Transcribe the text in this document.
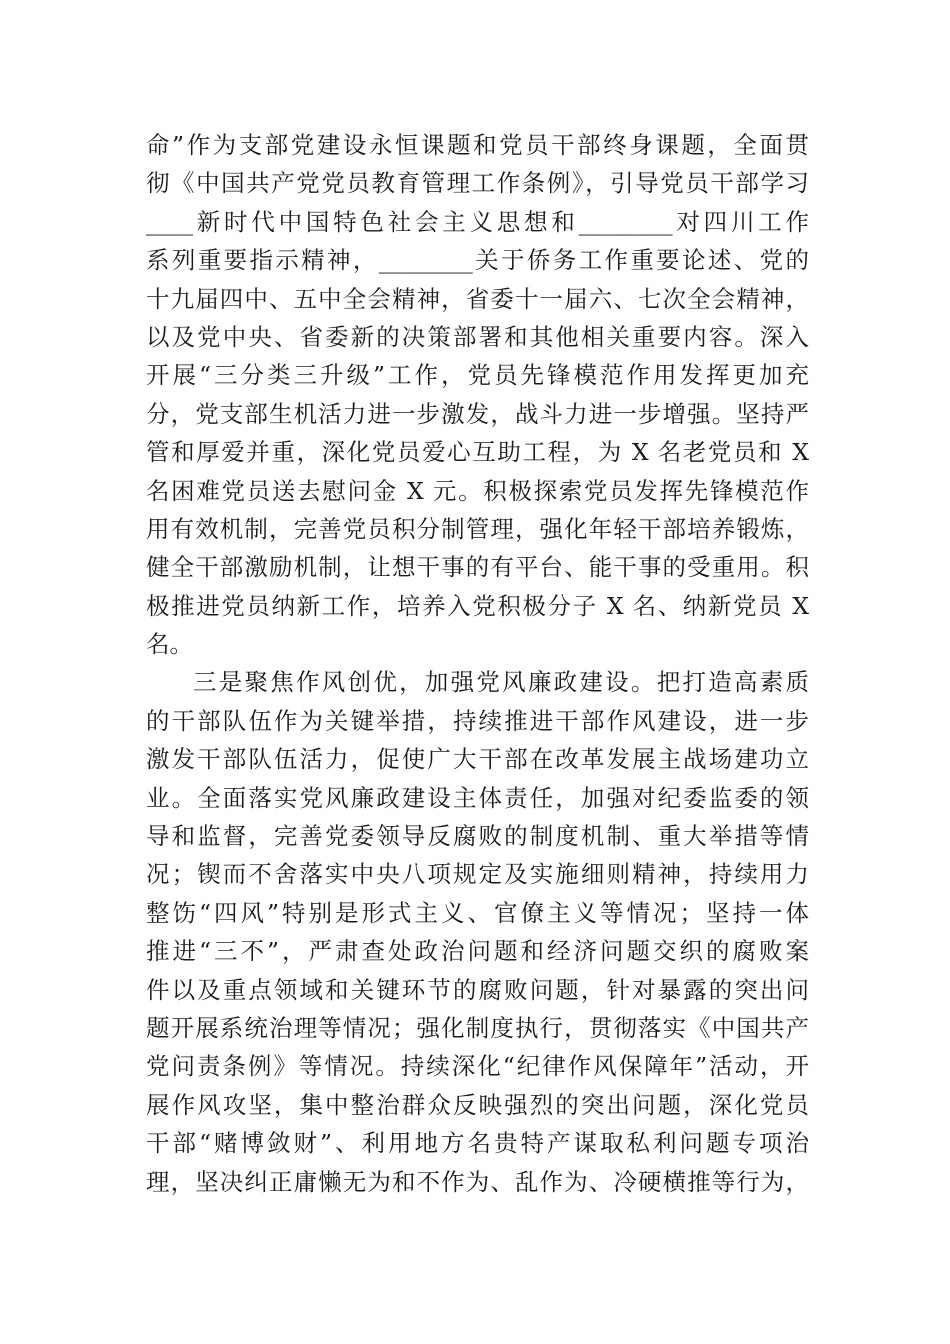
命”作为支部党建设永恒课题和党员干部终身课题，全面贯
彻《中国共产党党员教育管理工作条例》，引导党员干部学习
____新时代中国特色社会主义思想和________对四川工作
系列重要指示精神，________关于侨务工作重要论述、党的
十九届四中、五中全会精神，省委十一届六、七次全会精神，
以及党中央、省委新的决策部署和其他相关重要内容。深入
开展“三分类三升级”工作，党员先锋模范作用发挥更加充
分，党支部生机活力进一步激发，战斗力进一步增强。坚持严
管和厚爱并重，深化党员爱心互助工程，为 X 名老党员和 X
名困难党员送去慰问金 X 元。积极探索党员发挥先锋模范作
用有效机制，完善党员积分制管理，强化年轻干部培养锻炼，
健全干部激励机制，让想干事的有平台、能干事的受重用。积
极推进党员纳新工作，培养入党积极分子 X 名、纳新党员 X
名。
三是聚焦作风创优，加强党风廉政建设。把打造高素质
的干部队伍作为关键举措，持续推进干部作风建设，进一步
激发干部队伍活力，促使广大干部在改革发展主战场建功立
业。全面落实党风廉政建设主体责任，加强对纪委监委的领
导和监督，完善党委领导反腐败的制度机制、重大举措等情
况；锲而不舍落实中央八项规定及实施细则精神，持续用力
整饬“四风”特别是形式主义、官僚主义等情况；坚持一体
推进“三不”，严肃查处政治问题和经济问题交织的腐败案
件以及重点领域和关键环节的腐败问题，针对暴露的突出问
题开展系统治理等情况；强化制度执行，贯彻落实《中国共产
党问责条例》等情况。持续深化“纪律作风保障年”活动，开
展作风攻坚，集中整治群众反映强烈的突出问题，深化党员
干部“赌博敛财”、利用地方名贵特产谋取私利问题专项治
理，坚决纠正庸懒无为和不作为、乱作为、冷硬横推等行为，
